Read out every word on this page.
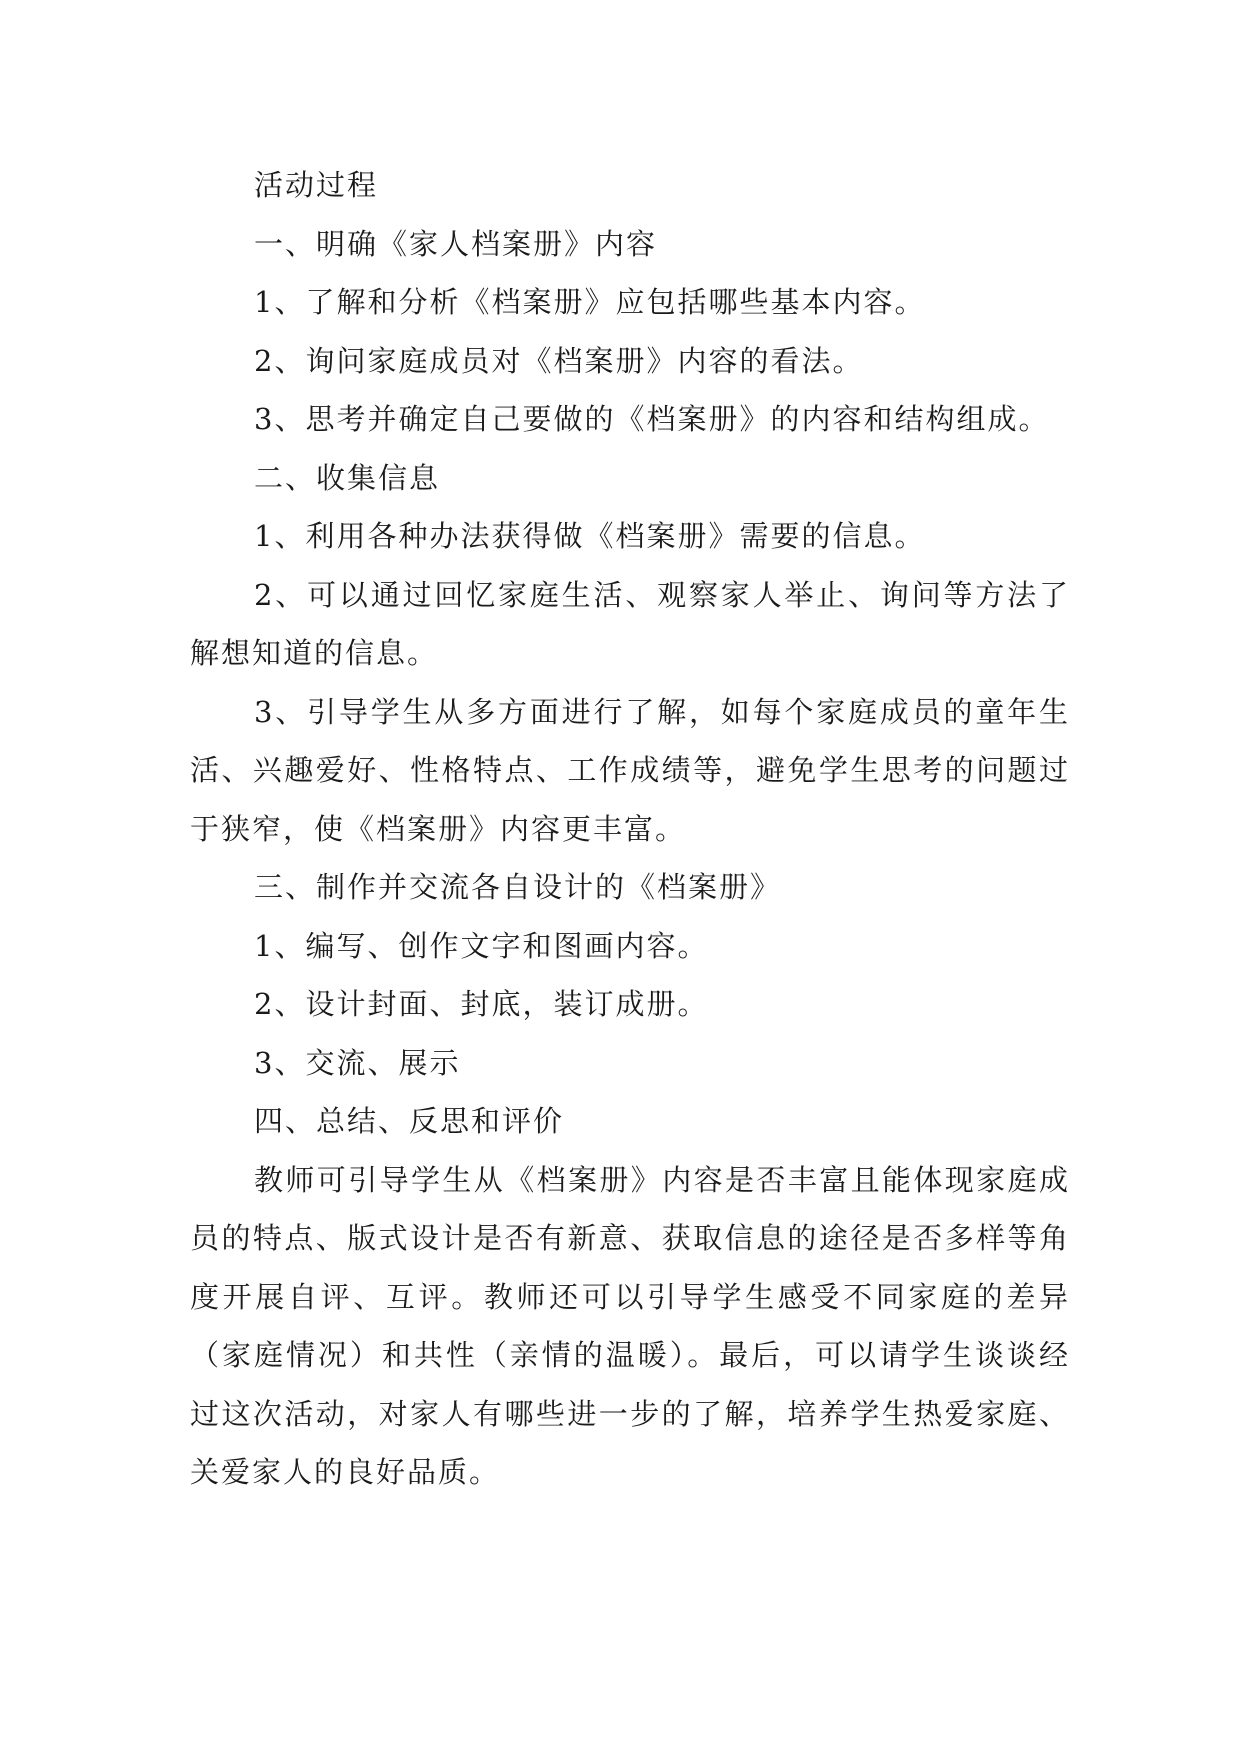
活动过程

一、明确《家人档案册》内容

1、了解和分析《档案册》应包括哪些基本内容。

2、询问家庭成员对《档案册》内容的看法。

3、思考并确定自己要做的《档案册》的内容和结构组成。

二、收集信息

1、利用各种办法获得做《档案册》需要的信息。

2、可以通过回忆家庭生活、观察家人举止、询问等方法了解想知道的信息。

3、引导学生从多方面进行了解，如每个家庭成员的童年生活、兴趣爱好、性格特点、工作成绩等，避免学生思考的问题过于狭窄，使《档案册》内容更丰富。

三、制作并交流各自设计的《档案册》

1、编写、创作文字和图画内容。

2、设计封面、封底，装订成册。

3、交流、展示

四、总结、反思和评价

教师可引导学生从《档案册》内容是否丰富且能体现家庭成员的特点、版式设计是否有新意、获取信息的途径是否多样等角度开展自评、互评。教师还可以引导学生感受不同家庭的差异（家庭情况）和共性（亲情的温暖）。最后，可以请学生谈谈经过这次活动，对家人有哪些进一步的了解，培养学生热爱家庭、关爱家人的良好品质。
